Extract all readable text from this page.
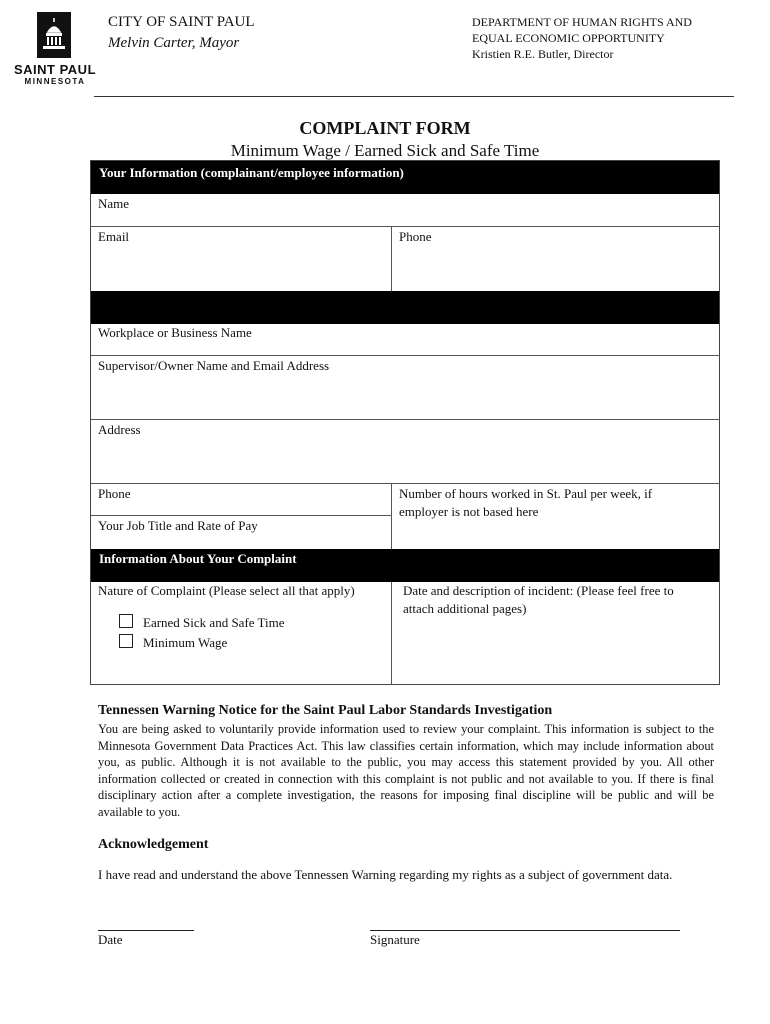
SAINT PAUL
MINNESOTA
CITY OF SAINT PAUL
Melvin Carter, Mayor
DEPARTMENT OF HUMAN RIGHTS AND
EQUAL ECONOMIC OPPORTUNITY
Kristien R.E. Butler, Director
COMPLAINT FORM
Minimum Wage / Earned Sick and Safe Time
Your Information (complainant/employee information)
Name
Email	Phone
Workplace or Business Name
Supervisor/Owner Name and Email Address
Address
Phone
Your Job Title and Rate of Pay
Number of hours worked in St. Paul per week, if employer is not based here
Information About Your Complaint
Nature of Complaint (Please select all that apply)
Earned Sick and Safe Time
Minimum Wage
Date and description of incident: (Please feel free to attach additional pages)
Tennessen Warning Notice for the Saint Paul Labor Standards Investigation
You are being asked to voluntarily provide information used to review your complaint. This information is subject to the Minnesota Government Data Practices Act. This law classifies certain information, which may include information about you, as public. Although it is not available to the public, you may access this statement provided by you. All other information collected or created in connection with this complaint is not public and not available to you. If there is final disciplinary action after a complete investigation, the reasons for imposing final discipline will be public and will be available to you.
Acknowledgement
I have read and understand the above Tennessen Warning regarding my rights as a subject of government data.
Date	Signature
